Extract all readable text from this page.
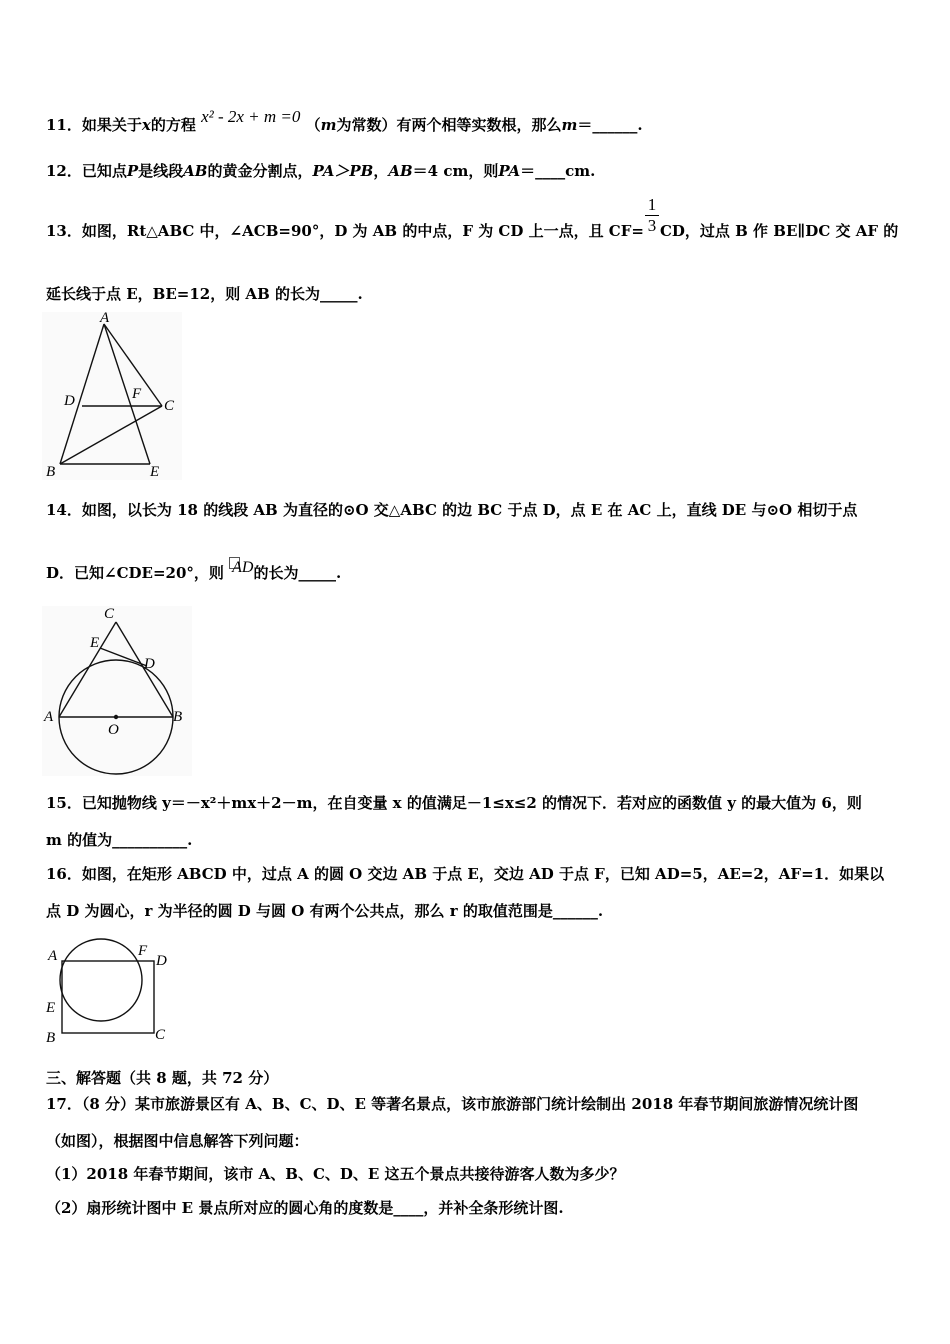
11．如果关于x的方程 x² - 2x + m =0 （m为常数）有两个相等实数根，那么m＝______.
12．已知点P是线段AB的黄金分割点，PA＞PB，AB＝4 cm，则PA＝____cm.
13．如图，Rt△ABC 中，∠ACB=90°，D 为 AB 的中点，F 为 CD 上一点，且 CF= CD，过点 B 作 BE∥DC 交 AF 的
1
3
延长线于点 E，BE=12，则 AB 的长为_____.
A
D	F
C
B	E
14．如图，以长为 18 的线段 AB 为直径的⊙O 交△ABC 的边 BC 于点 D，点 E 在 AC 上，直线 DE 与⊙O 相切于点
D．已知∠CDE=20°，则 AD的长为_____.
C
E
D
A
O
B
15．已知抛物线 y＝－x²＋mx＋2－m，在自变量 x 的值满足－1≤x≤2 的情况下．若对应的函数值 y 的最大值为 6，则
m 的值为__________.
16．如图，在矩形 ABCD 中，过点 A 的圆 O 交边 AB 于点 E，交边 AD 于点 F，已知 AD=5，AE=2，AF=1．如果以
点 D 为圆心，r 为半径的圆 D 与圆 O 有两个公共点，那么 r 的取值范围是______.
A	F
D
E
B	C
三、解答题（共 8 题，共 72 分）
17．（8 分）某市旅游景区有 A、B、C、D、E 等著名景点，该市旅游部门统计绘制出 2018 年春节期间旅游情况统计图
（如图），根据图中信息解答下列问题：
（1）2018 年春节期间，该市 A、B、C、D、E 这五个景点共接待游客人数为多少？
（2）扇形统计图中 E 景点所对应的圆心角的度数是____，并补全条形统计图.
